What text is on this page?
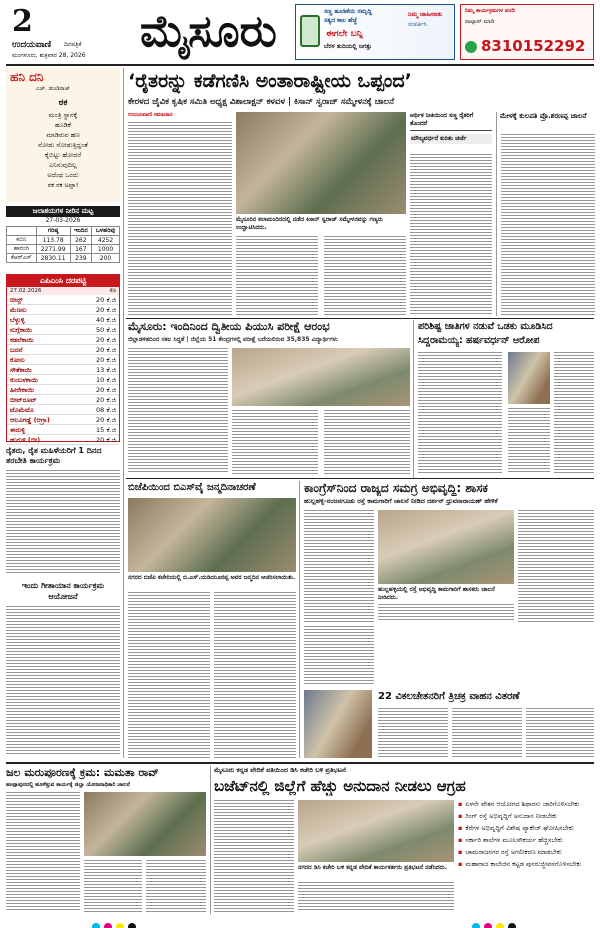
2
ಉದಯವಾಣಿ ದಿನಪತ್ರಿಕೆ
ಮಂಗಳೂರು, ಶುಕ್ರವಾರ 28, 2026 ಮೈಸೂರು	ಸಣ್ಣ ಹೂಡಿಕೆಯ ಸಮೃದ್ಧಿ
ಸತ್ಯದ ಕಾಲ ಹೆಜ್ಜೆ
ಈಗಲೇ ಬನ್ನಿ
ಬೆರಳ ತುದಿಯಲ್ಲಿ ಜಗತ್ತು
ನಿಮ್ಮ ಜಾಹೀರಾತು
ಸಂಪರ್ಕಿಸಿ
ನಿಮ್ಮ ಕಾರ್ಯಕ್ರಮಗಳ ವರದಿ
ವಾಟ್ಸಾಪ್ ಮಾಡಿ
8310152292
ಹನಿ ದನಿ
ಎಚ್. ಡುಂಡಿರಾಜ್
ಠಕ
ಮಂತ್ರಿ ಸ್ಥಾನಕ್ಕೆ
ಹೂಡಿಕೆ
ಮಾಡಿರುವ ಹಣ
ನೋಡು ನೋಡುತ್ತಿದ್ದಂತೆ
ಕೈಬಿಟ್ಟು ಹೋದರೆ
ಎನಿಸುವುದಿಲ್ಲ
ಅದೆಂಥ ಒಂದು
ಠಕ ಠಕ ಅಪ್ಪಾ!
ಜಲಾಶಯಗಳ ನೀರಿನ ಮಟ್ಟ
27-03-2026
	ಗರಿಷ್ಠ	ಇಂದಿನ	ಒಳಹರಿವು
ಕಬಿನಿ	113.78	262	4252
ಹಾರಂಗಿ	2271.99	167	1000
ಕೆಆರ್‌ಎಸ್	2830.11	239	200
ಎಪಿಎಂಸಿ ದರಪಟ್ಟಿ
27.02.2026	ಕೆಜಿ
ಬೀನ್ಸ್	20 ಕೆ.ಜಿ
ಮೆಣಸು	20 ಕೆ.ಜಿ
ಬೆಳ್ಳುಳ್ಳಿ	40 ಕೆ.ಜಿ
ನುಗ್ಗೆಕಾಯಿ	50 ಕೆ.ಜಿ
ಕಡಲೆಕಾಯಿ	20 ಕೆ.ಜಿ
ಬದನೆ	20 ಕೆ.ಜಿ
ಕೋಸು	20 ಕೆ.ಜಿ
ಸೌತೆಕಾಯಿ	13 ಕೆ.ಜಿ
ಕುಂಬಳಕಾಯಿ	10 ಕೆ.ಜಿ
ಹೀರೇಕಾಯಿ	20 ಕೆ.ಜಿ
ಬೀಟ್‌ರೂಟ್	20 ಕೆ.ಜಿ
ಟೊಮೆಟೊ	08 ಕೆ.ಜಿ
ಆಲೂಗಡ್ಡೆ (ಆಗ್ರಾ)	20 ಕೆ.ಜಿ
ಈರುಳ್ಳಿ	15 ಕೆ.ಜಿ
ಹುರುಳಿ (ಬೀ)	20 ಕೆ.ಜಿ
ರೈತರು, ರೈತ ಮಹಿಳೆಯರಿಗೆ 1 ದಿನದ ತರಬೇತಿ ಕಾರ್ಯಕ್ರಮ
ಇಂದು ಗೀತಾಯಾನ ಕಾರ್ಯಕ್ರಮ ಆಯೋಜನೆ
‘ರೈತರನ್ನು ಕಡೆಗಣಿಸಿ ಅಂತಾರಾಷ್ಟ್ರೀಯ ಒಪ್ಪಂದ’
ಕೇರಳದ ಜೈವಿಕ ಕೃಷಿಕ ಸಮಿತಿ ಅಧ್ಯಕ್ಷ ವಿಶಾಲಾಕ್ಷನ್ ಕಳವಳ | ಕಿಸಾನ್ ಸ್ವರಾಜ್ ಸಮ್ಮೇಳನಕ್ಕೆ ಚಾಲನೆ
ಉದಯವಾಣಿ ಸಮಾಚಾರ
ಮೈಸೂರಿನ ಕಲಾಮಂದಿರದಲ್ಲಿ ನಡೆದ ಕಿಸಾನ್ ಸ್ವರಾಜ್ ಸಮ್ಮೇಳನವನ್ನು ಗಣ್ಯರು ಉದ್ಘಾಟಿಸಿದರು.
ಆರ್ಥಿಕ ನೀತಿಯಿಂದ ಸಣ್ಣ ರೈತರಿಗೆ ತೊಂದರೆ
ಮೌಲ್ಯವರ್ಧನೆ ಕುರಿತು ಚರ್ಚೆ
ಮೇಳಕ್ಕೆ ಕುಲಪತಿ ಪ್ರೊ.ಶರಣಪ್ಪ ಚಾಲನೆ
ಮೈಸೂರು: ಇಂದಿನಿಂದ ದ್ವಿತೀಯ ಪಿಯುಸಿ ಪರೀಕ್ಷೆ ಆರಂಭ
ಜಿಲ್ಲಾಡಳಿತದಿಂದ ಸಕಲ ಸಿದ್ಧತೆ | ಜಿಲ್ಲೆಯ 51 ಕೇಂದ್ರಗಳಲ್ಲಿ ಪರೀಕ್ಷೆ ಬರೆಯಲಿರುವ 35,835 ವಿದ್ಯಾರ್ಥಿಗಳು
ಪರಿಶಿಷ್ಟ ಜಾತಿಗಳ ನಡುವೆ ಒಡಕು ಮೂಡಿಸಿದ
ಸಿದ್ದರಾಮಯ್ಯ: ಹರ್ಷವರ್ಧನ್ ಆರೋಪ
ಬಿಜೆಪಿಯಿಂದ ಬಿಎಸ್‌ವೈ ಜನ್ಮದಿನಾಚರಣೆ
ನಗರದ ಬಿಜೆಪಿ ಕಚೇರಿಯಲ್ಲಿ ಬಿ.ಎಸ್.ಯಡಿಯೂರಪ್ಪ ಅವರ ಜನ್ಮದಿನ ಆಚರಿಸಲಾಯಿತು.
ಕಾಂಗ್ರೆಸ್‌ನಿಂದ ರಾಜ್ಯದ ಸಮಗ್ರ ಅಭಿವೃದ್ಧಿ: ಶಾಸಕ
ಹುಲ್ಲಹಳ್ಳಿ-ನಂಜನಗೂಡು ರಸ್ತೆ ಕಾಮಗಾರಿಗೆ ಚಾಲನೆ ನೀಡಿದ ದರ್ಶನ್ ಧ್ರುವನಾರಾಯಣ್ ಹೇಳಿಕೆ
ಹುಲ್ಲಹಳ್ಳಿಯಲ್ಲಿ ರಸ್ತೆ ಅಭಿವೃದ್ಧಿ ಕಾಮಗಾರಿಗೆ ಶಾಸಕರು ಚಾಲನೆ ನೀಡಿದರು.
22 ವಿಕಲಚೇತನರಿಗೆ ತ್ರಿಚಕ್ರ ವಾಹನ ವಿತರಣೆ
ಜಲ ಮರುಪೂರಣಕ್ಕೆ ಕ್ರಮ: ಮಮತಾ ರಾವ್
ಹಂಪ್ಪಾಪುರದಲ್ಲಿ ಹೂಳೆತ್ತುವ ಕಾರ್ಯಕ್ಕೆ ಜಿಲ್ಲಾ ಯೋಜನಾಧಿಕಾರಿ ಚಾಲನೆ
ಮೈಸೂರು ಕನ್ನಡ ವೇದಿಕೆ ವತಿಯಿಂದ ಡಿಸಿ ಕಚೇರಿ ಬಳಿ ಪ್ರತಿಭಟನೆ
ಬಜೆಟ್‌ನಲ್ಲಿ ಜಿಲ್ಲೆಗೆ ಹೆಚ್ಚು ಅನುದಾನ ನೀಡಲು ಆಗ್ರಹ
ನಗರದ ಡಿಸಿ ಕಚೇರಿ ಬಳಿ ಕನ್ನಡ ವೇದಿಕೆ ಕಾರ್ಯಕರ್ತರು ಪ್ರತಿಭಟನೆ ನಡೆಸಿದರು.
▪ ಏಳನೇ ವೇತನ ಆಯೋಗದ ಶಿಫಾರಸು ಜಾರಿಗೊಳಿಸಬೇಕು
▪ ರಿಂಗ್ ರಸ್ತೆ ಅಭಿವೃದ್ಧಿಗೆ ಅನುದಾನ ನೀಡಬೇಕು
▪ ಕೆರೆಗಳ ಅಭಿವೃದ್ಧಿಗೆ ವಿಶೇಷ ಪ್ಯಾಕೇಜ್ ಘೋಷಿಸಬೇಕು
▪ ಸರ್ಕಾರಿ ಶಾಲೆಗಳ ಮೂಲಸೌಕರ್ಯ ಹೆಚ್ಚಿಸಬೇಕು
▪ ಚಾಮರಾಜನಗರ ರಸ್ತೆ ಅಗಲೀಕರಣ ಮಾಡಬೇಕು
▪ ಮಹಾರಾಜ ಕಾಲೇಜಿನ ಕಟ್ಟಡ ಪುನರುಜ್ಜೀವನಗೊಳಿಸಬೇಕು
